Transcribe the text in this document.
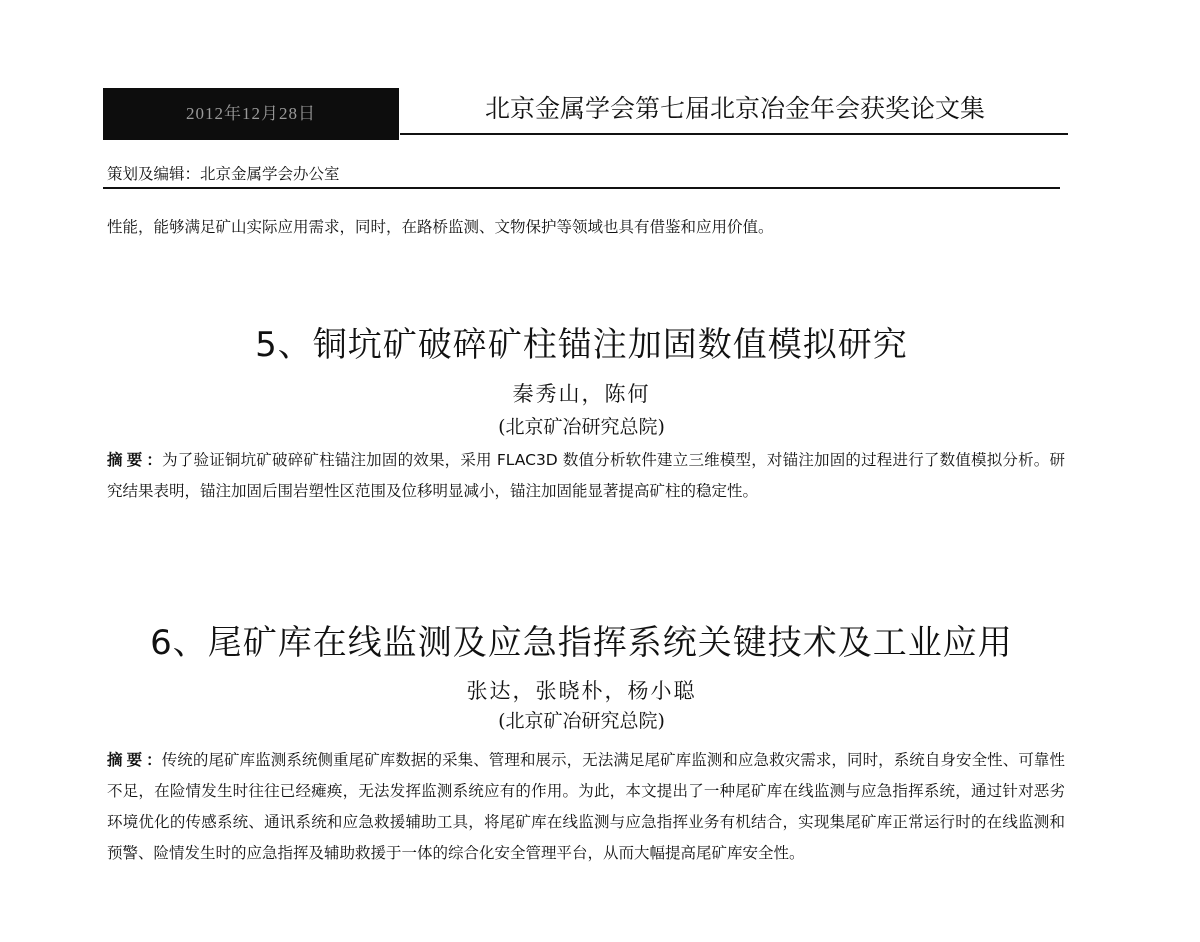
2012年12月28日	北京金属学会第七届北京冶金年会获奖论文集
策划及编辑：北京金属学会办公室
性能，能够满足矿山实际应用需求，同时，在路桥监测、文物保护等领域也具有借鉴和应用价值。
5、铜坑矿破碎矿柱锚注加固数值模拟研究
秦秀山，陈何
(北京矿冶研究总院)
摘要：为了验证铜坑矿破碎矿柱锚注加固的效果，采用 FLAC3D 数值分析软件建立三维模型，对锚注加固的过程进行了数值模拟分析。研究结果表明，锚注加固后围岩塑性区范围及位移明显减小，锚注加固能显著提高矿柱的稳定性。
6、尾矿库在线监测及应急指挥系统关键技术及工业应用
张达，张晓朴，杨小聪
(北京矿冶研究总院)
摘要：传统的尾矿库监测系统侧重尾矿库数据的采集、管理和展示，无法满足尾矿库监测和应急救灾需求，同时，系统自身安全性、可靠性不足，在险情发生时往往已经瘫痪，无法发挥监测系统应有的作用。为此，本文提出了一种尾矿库在线监测与应急指挥系统，通过针对恶劣环境优化的传感系统、通讯系统和应急救援辅助工具，将尾矿库在线监测与应急指挥业务有机结合，实现集尾矿库正常运行时的在线监测和预警、险情发生时的应急指挥及辅助救援于一体的综合化安全管理平台，从而大幅提高尾矿库安全性。
